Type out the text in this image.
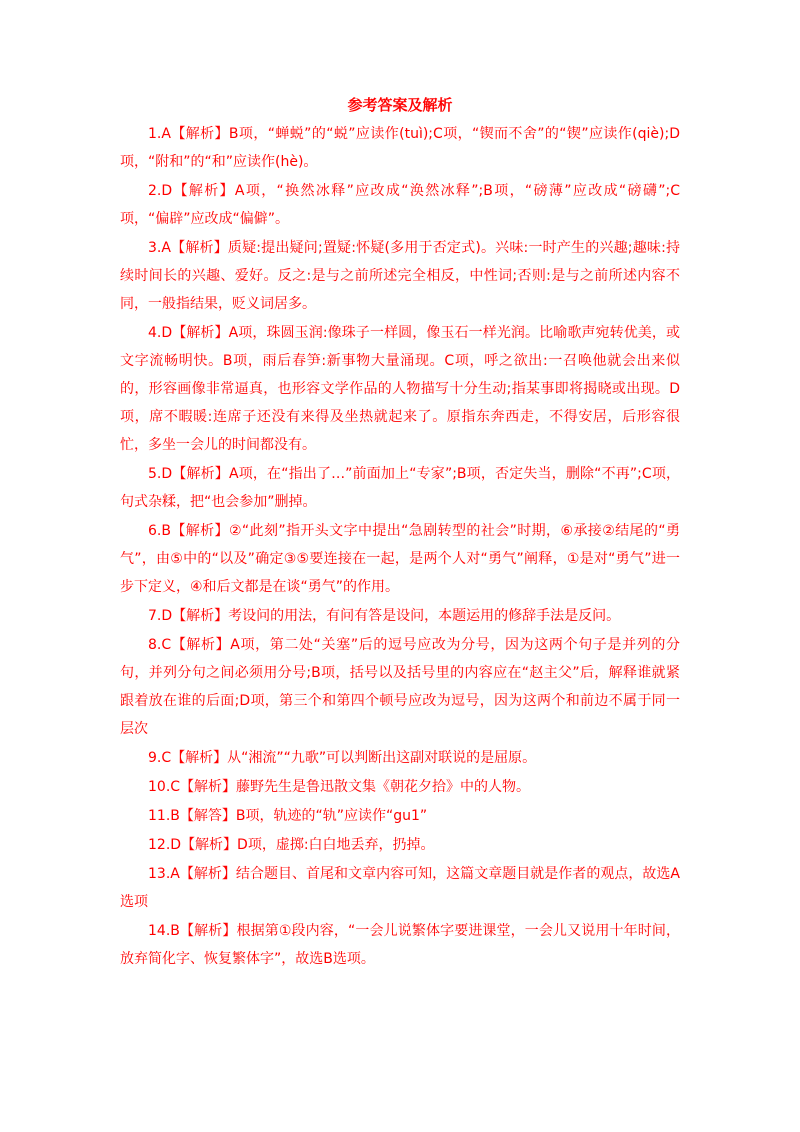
参考答案及解析

1.A【解析】B项，“蝉蜕”的“蜕”应读作(tuì);C项，“锲而不舍”的“锲”应读作(qiè);D项，“附和”的“和”应读作(hè)。

2.D【解析】A项，“换然冰释”应改成“涣然冰释”;B项，“磅薄”应改成“磅礴”;C项，“偏辟”应改成“偏僻”。

3.A【解析】质疑:提出疑问;置疑:怀疑(多用于否定式)。兴味:一时产生的兴趣;趣味:持续时间长的兴趣、爱好。反之:是与之前所述完全相反，中性词;否则:是与之前所述内容不同，一般指结果，贬义词居多。

4.D【解析】A项，珠圆玉润:像珠子一样圆，像玉石一样光润。比喻歌声宛转优美，或文字流畅明快。B项，雨后春笋:新事物大量涌现。C项，呼之欲出:一召唤他就会出来似的，形容画像非常逼真，也形容文学作品的人物描写十分生动;指某事即将揭晓或出现。D项，席不暇暖:连席子还没有来得及坐热就起来了。原指东奔西走，不得安居，后形容很忙，多坐一会儿的时间都没有。

5.D【解析】A项，在“指出了…”前面加上“专家”;B项，否定失当，删除“不再”;C项，句式杂糅，把“也会参加”删掉。

6.B【解析】②“此刻”指开头文字中提出“急剧转型的社会”时期，⑥承接②结尾的“勇气”，由⑤中的“以及”确定③⑤要连接在一起，是两个人对“勇气”阐释，①是对“勇气”进一步下定义，④和后文都是在谈“勇气”的作用。

7.D【解析】考设问的用法，有问有答是设问，本题运用的修辞手法是反问。

8.C【解析】A项，第二处“关塞”后的逗号应改为分号，因为这两个句子是并列的分句，并列分句之间必须用分号;B项，括号以及括号里的内容应在“赵主父”后，解释谁就紧跟着放在谁的后面;D项，第三个和第四个顿号应改为逗号，因为这两个和前边不属于同一层次

9.C【解析】从“湘流”“九歌”可以判断出这副对联说的是屈原。

10.C【解析】藤野先生是鲁迅散文集《朝花夕拾》中的人物。

11.B【解答】B项，轨迹的“轨”应读作“gu1”

12.D【解析】D项，虚掷:白白地丢弃，扔掉。

13.A【解析】结合题目、首尾和文章内容可知，这篇文章题目就是作者的观点，故选A选项

14.B【解析】根据第①段内容，“一会儿说繁体字要进课堂，一会儿又说用十年时间，放弃简化字、恢复繁体字”，故选B选项。
